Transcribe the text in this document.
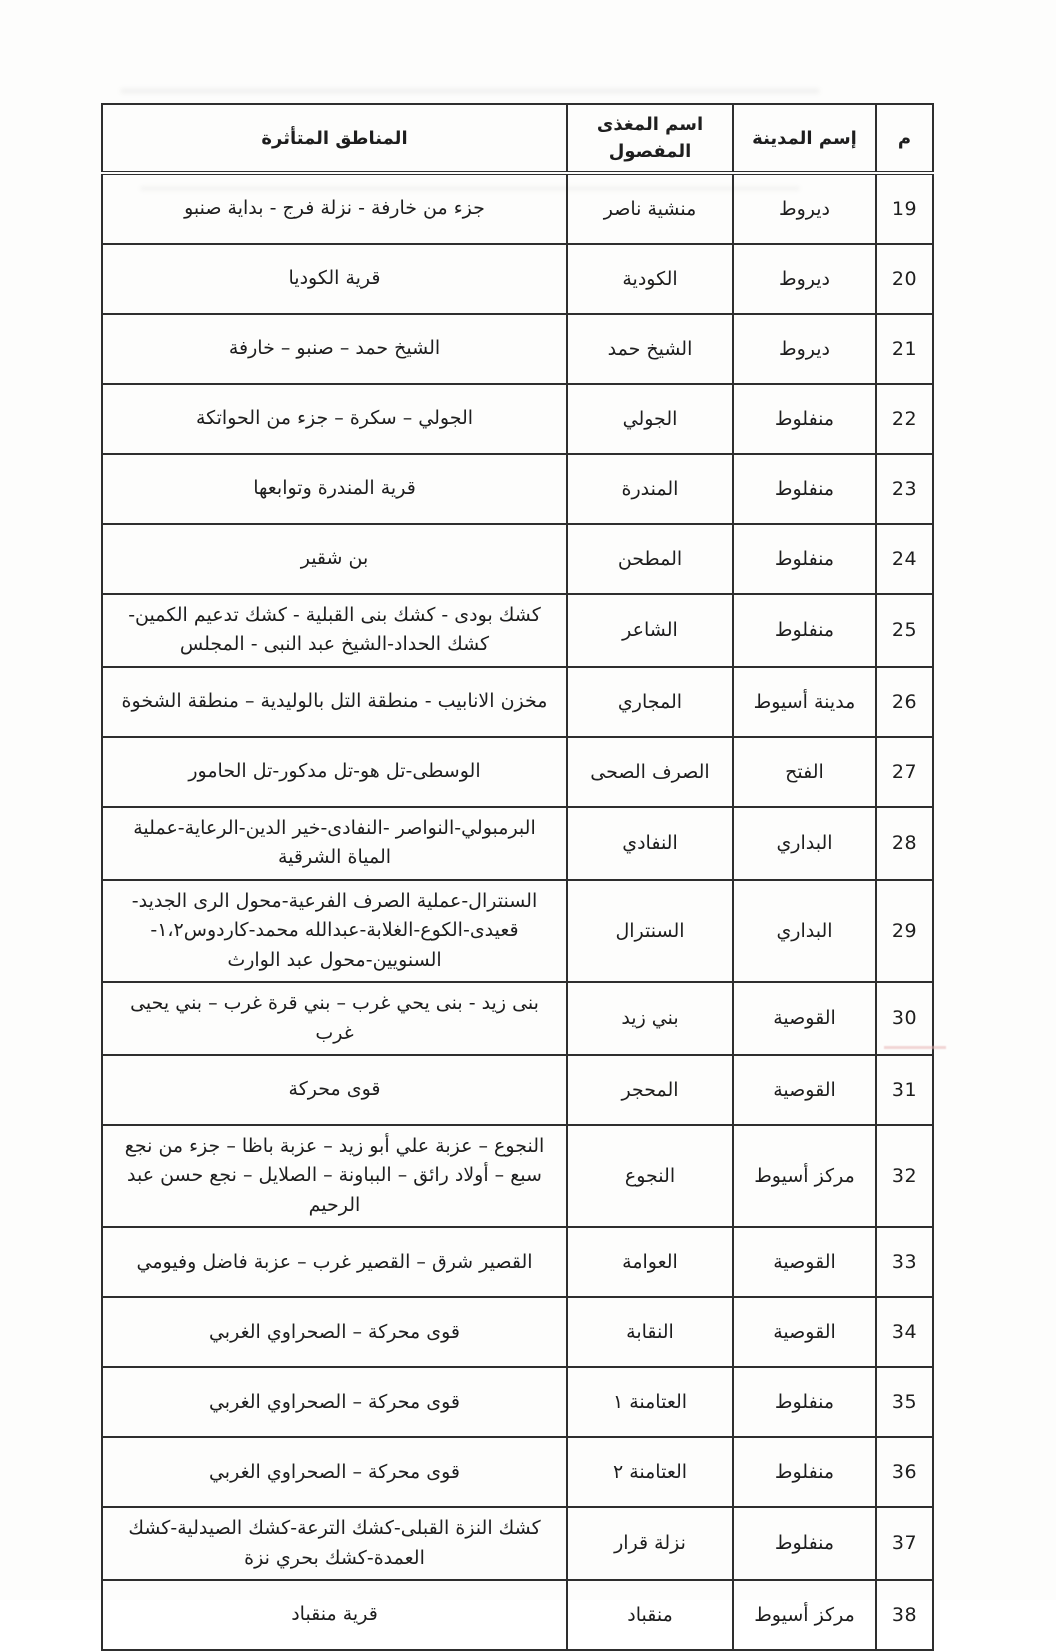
م	إسم المدينة	اسم المغذى المفصول	المناطق المتأثرة
19	ديروط	منشية ناصر	جزء من خارفة - نزلة فرج - بداية صنبو
20	ديروط	الكودية	قرية الكوديا
21	ديروط	الشيخ حمد	الشيخ حمد – صنبو – خارفة
22	منفلوط	الجولي	الجولي – سكرة – جزء من الحواتكة
23	منفلوط	المندرة	قرية المندرة وتوابعها
24	منفلوط	المطحن	بن شقير
25	منفلوط	الشاعر	كشك بودى - كشك بنى القبلية - كشك تدعيم الكمين- كشك الحداد-الشيخ عبد النبى - المجلس
26	مدينة أسيوط	المجاري	مخزن الانابيب - منطقة التل بالوليدية – منطقة الشخوة
27	الفتح	الصرف الصحى	الوسطى-تل هو-تل مدكور-تل الحامور
28	البداري	النفادي	البرمبولي-النواصر -النفادى-خير الدين-الرعاية-عملية المياة الشرقية
29	البداري	السنترال	السنترال-عملية الصرف الفرعية-محول الرى الجديد- قعيدى-الكوع-الغلابة-عبدالله محمد-كاردوس١،٢- السنويين-محول عبد الوارث
30	القوصية	بني زيد	بنى زيد - بنى يحي غرب – بني قرة غرب – بني يحيى غرب
31	القوصية	المحجر	قوى محركة
32	مركز أسيوط	النجوع	النجوع – عزبة علي أبو زيد – عزبة باظا – جزء من نجع سبع – أولاد رائق – البباونة – الصلايل – نجع حسن عبد الرحيم
33	القوصية	العوامة	القصير شرق – القصير غرب – عزبة فاضل وفيومي
34	القوصية	النقابة	قوى محركة – الصحراوي الغربي
35	منفلوط	العتامنة ١	قوى محركة – الصحراوي الغربي
36	منفلوط	العتامنة ٢	قوى محركة – الصحراوي الغربي
37	منفلوط	نزلة قرار	كشك النزة القبلى-كشك الترعة-كشك الصيدلية-كشك العمدة-كشك بحري نزة
38	مركز أسيوط	منقباد	قرية منقباد
